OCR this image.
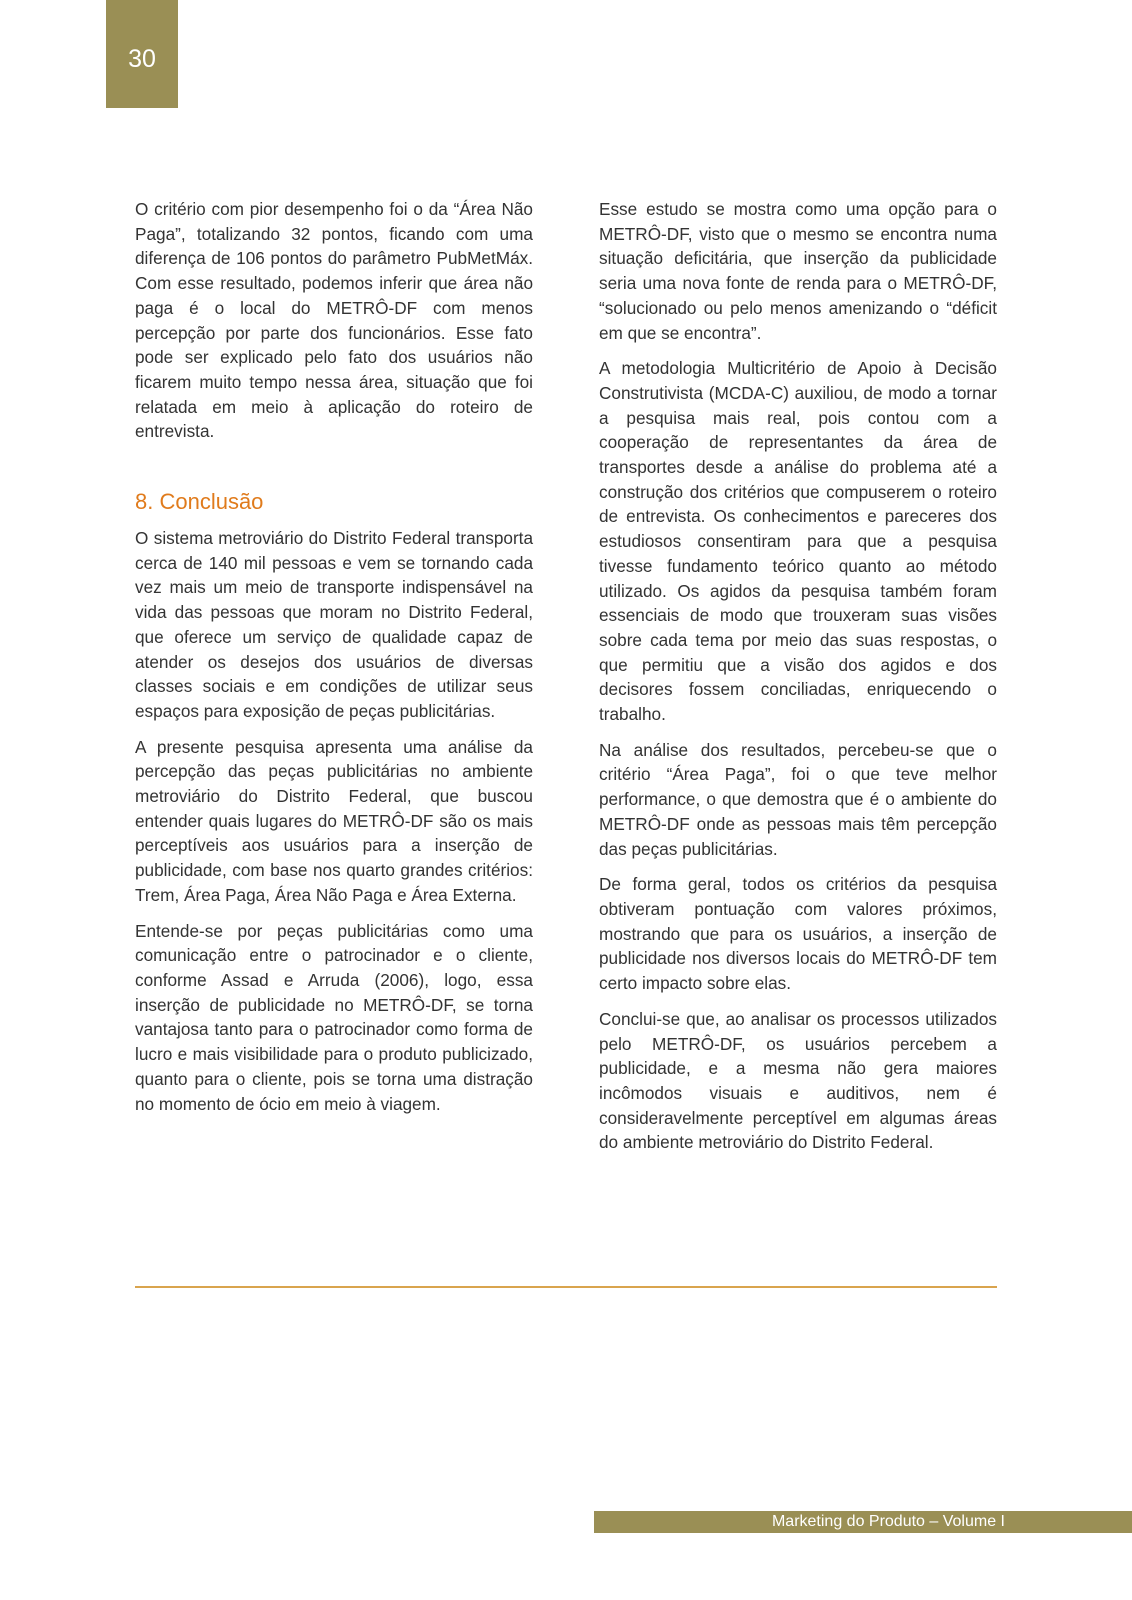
30

O critério com pior desempenho foi o da “Área Não Paga”, totalizando 32 pontos, ficando com uma diferença de 106 pontos do parâmetro PubMetMáx. Com esse resultado, podemos inferir que área não paga é o local do METRÔ-DF com menos percepção por parte dos funcionários. Esse fato pode ser explicado pelo fato dos usuários não ficarem muito tempo nessa área, situação que foi relatada em meio à aplicação do roteiro de entrevista.

8. Conclusão

O sistema metroviário do Distrito Federal transporta cerca de 140 mil pessoas e vem se tornando cada vez mais um meio de transporte indispensável na vida das pessoas que moram no Distrito Federal, que oferece um serviço de qualidade capaz de atender os desejos dos usuários de diversas classes sociais e em condições de utilizar seus espaços para exposição de peças publicitárias.

A presente pesquisa apresenta uma análise da percepção das peças publicitárias no ambiente metroviário do Distrito Federal, que buscou entender quais lugares do METRÔ-DF são os mais perceptíveis aos usuários para a inserção de publicidade, com base nos quarto grandes critérios: Trem, Área Paga, Área Não Paga e Área Externa.

Entende-se por peças publicitárias como uma comunicação entre o patrocinador e o cliente, conforme Assad e Arruda (2006), logo, essa inserção de publicidade no METRÔ-DF, se torna vantajosa tanto para o patrocinador como forma de lucro e mais visibilidade para o produto publicizado, quanto para o cliente, pois se torna uma distração no momento de ócio em meio à viagem.

Esse estudo se mostra como uma opção para o METRÔ-DF, visto que o mesmo se encontra numa situação deficitária, que inserção da publicidade seria uma nova fonte de renda para o METRÔ-DF, “solucionado ou pelo menos amenizando o “déficit em que se encontra”.

A metodologia Multicritério de Apoio à Decisão Construtivista (MCDA-C) auxiliou, de modo a tornar a pesquisa mais real, pois contou com a cooperação de representantes da área de transportes desde a análise do problema até a construção dos critérios que compuserem o roteiro de entrevista. Os conhecimentos e pareceres dos estudiosos consentiram para que a pesquisa tivesse fundamento teórico quanto ao método utilizado. Os agidos da pesquisa também foram essenciais de modo que trouxeram suas visões sobre cada tema por meio das suas respostas, o que permitiu que a visão dos agidos e dos decisores fossem conciliadas, enriquecendo o trabalho.

Na análise dos resultados, percebeu-se que o critério “Área Paga”, foi o que teve melhor performance, o que demostra que é o ambiente do METRÔ-DF onde as pessoas mais têm percepção das peças publicitárias.

De forma geral, todos os critérios da pesquisa obtiveram pontuação com valores próximos, mostrando que para os usuários, a inserção de publicidade nos diversos locais do METRÔ-DF tem certo impacto sobre elas.

Conclui-se que, ao analisar os processos utilizados pelo METRÔ-DF, os usuários percebem a publicidade, e a mesma não gera maiores incômodos visuais e auditivos, nem é consideravelmente perceptível em algumas áreas do ambiente metroviário do Distrito Federal.

Marketing do Produto – Volume I
